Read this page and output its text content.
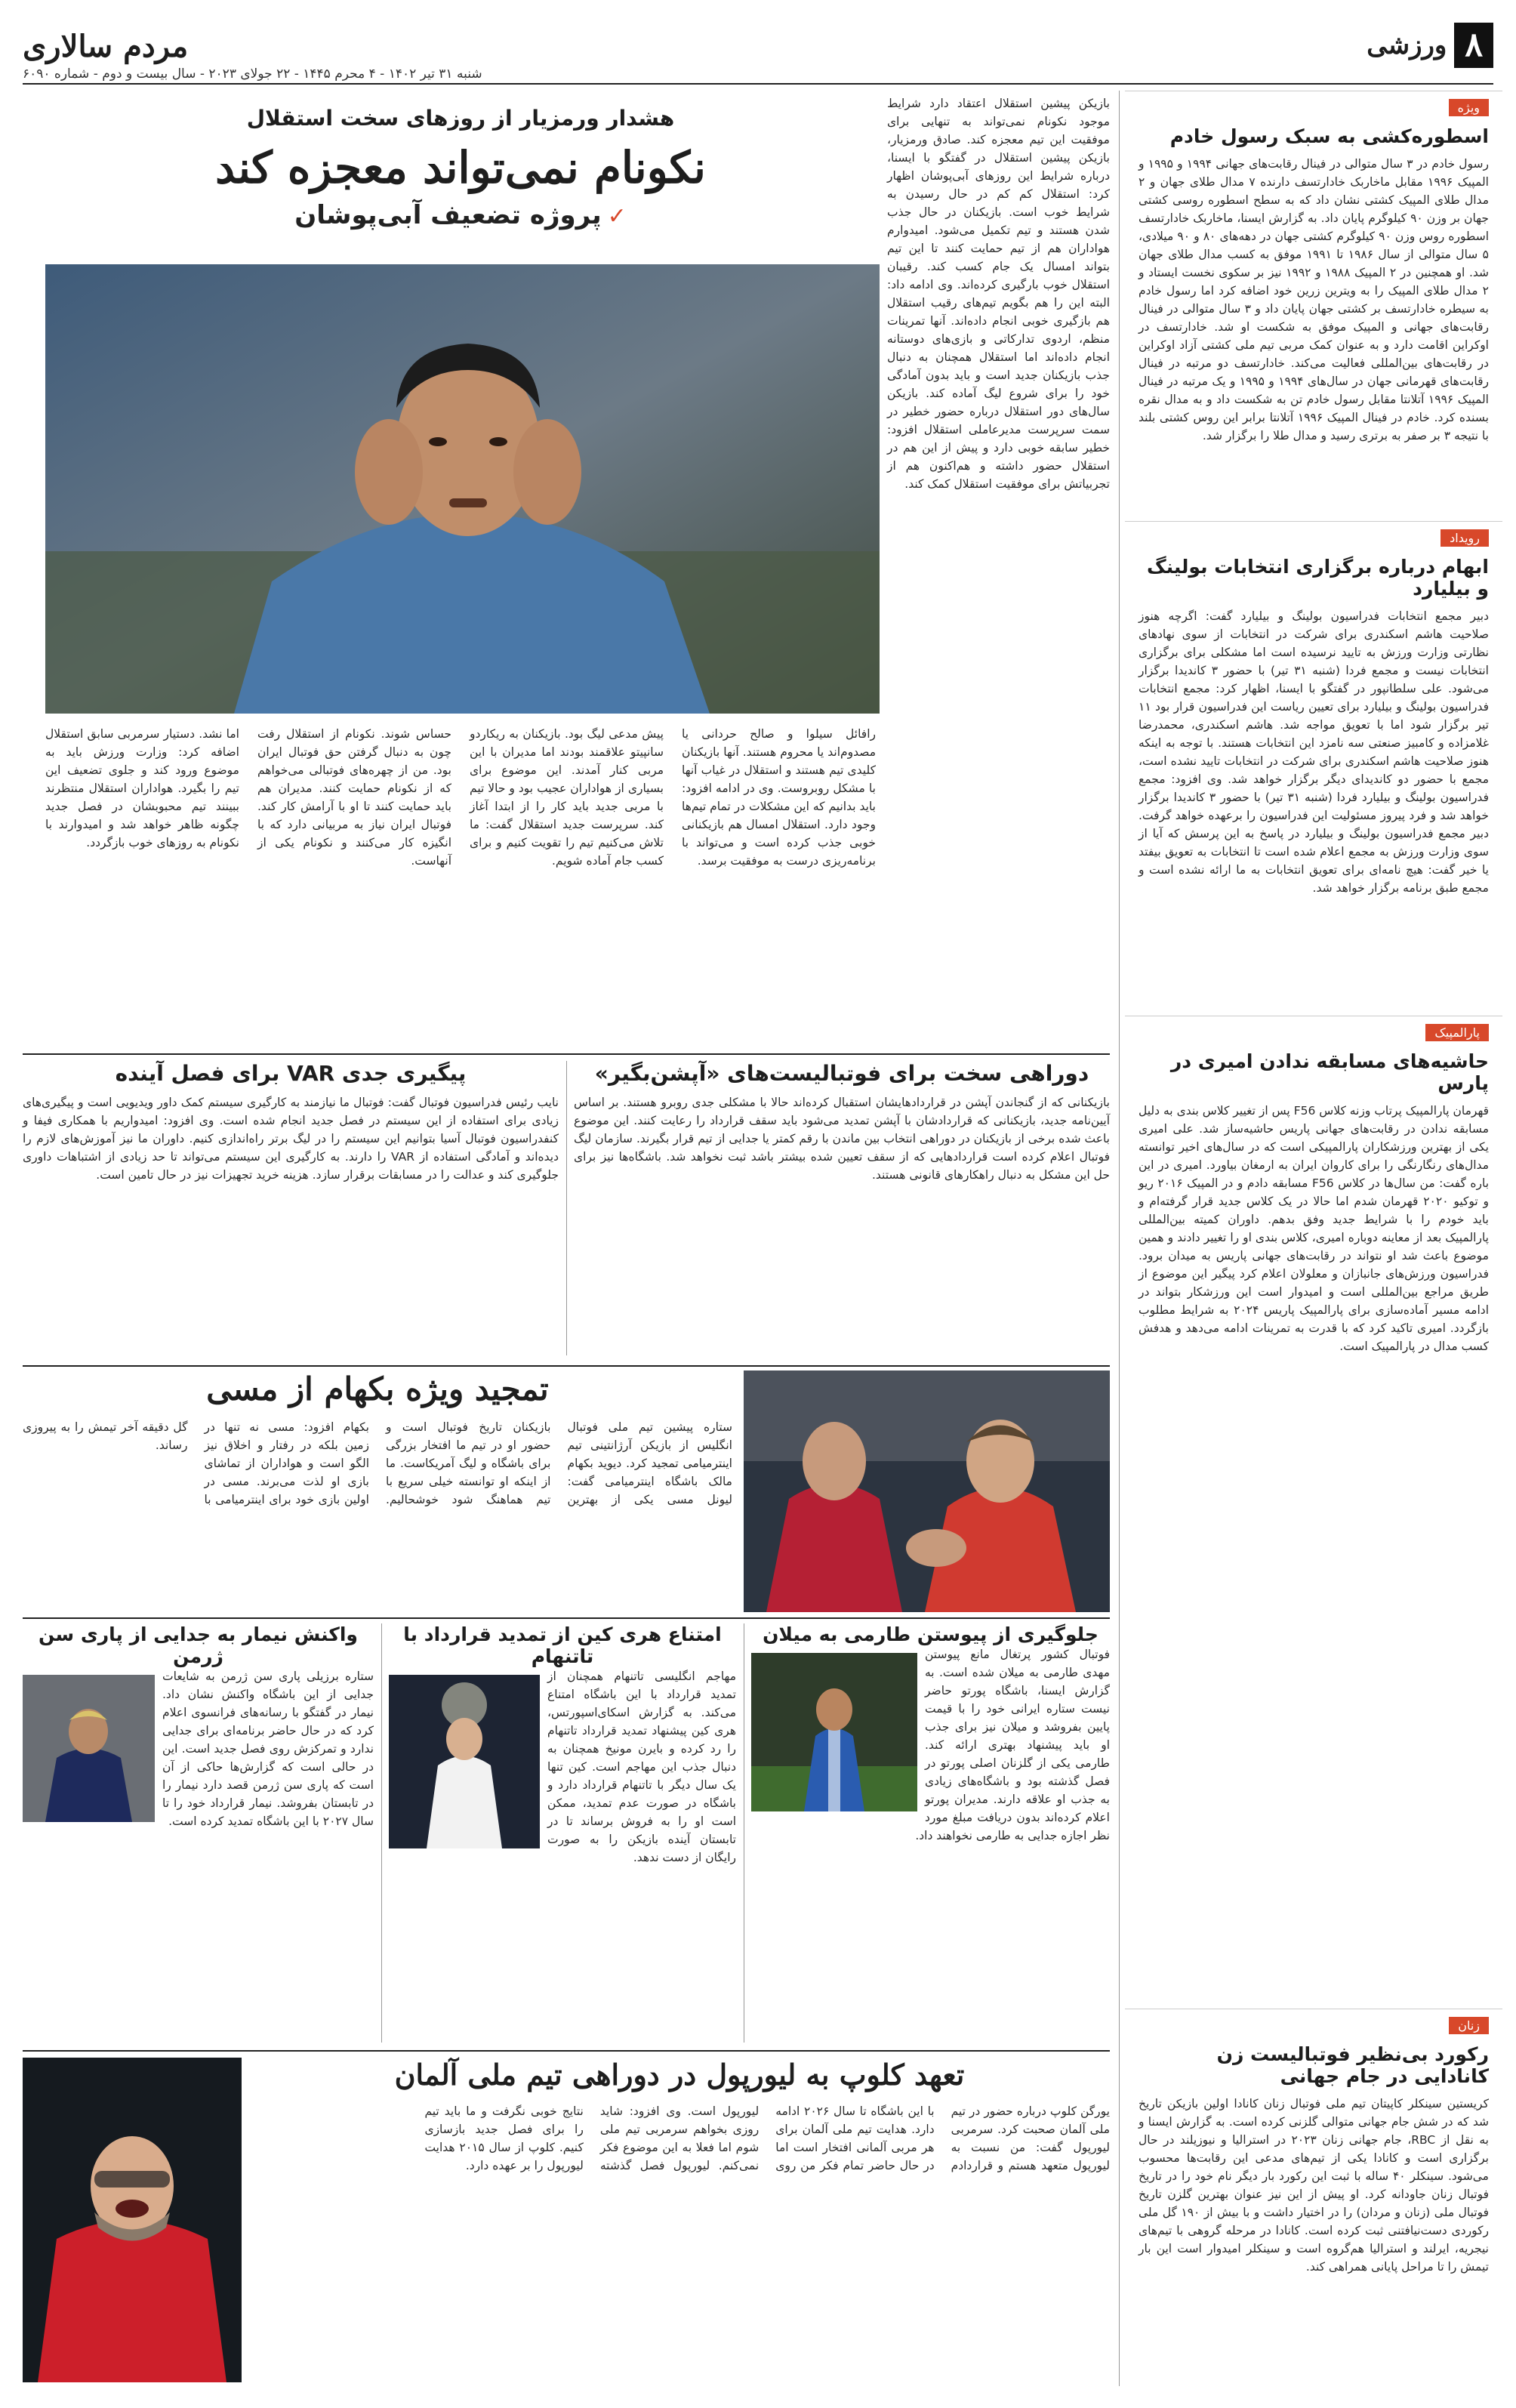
۸
ورزشی
مردم سالاری
شنبه ۳۱ تیر ۱۴۰۲ - ۴ محرم ۱۴۴۵ - ۲۲ جولای ۲۰۲۳ - سال بیست و دوم - شماره ۶۰۹۰
ویژه
اسطوره‌کشی به سبک رسول خادم

رسول خادم در ۳ سال متوالی در فینال رقابت‌های جهانی ۱۹۹۴ و ۱۹۹۵ و المپیک ۱۹۹۶ مقابل ماخاربک خادارتسف دارنده ۷ مدال طلای جهان و ۲ مدال طلای المپیک کشتی نشان داد که به سطح اسطوره روسی کشتی جهان بر وزن ۹۰ کیلوگرم پایان داد. به گزارش ایسنا، ماخاربک خادارتسف اسطوره روس وزن ۹۰ کیلوگرم کشتی جهان در دهه‌های ۸۰ و ۹۰ میلادی، ۵ سال متوالی از سال ۱۹۸۶ تا ۱۹۹۱ موفق به کسب مدال طلای جهان شد. او همچنین در ۲ المپیک ۱۹۸۸ و ۱۹۹۲ نیز بر سکوی نخست ایستاد و ۲ مدال طلای المپیک را به ویترین زرین خود اضافه کرد اما رسول خادم به سیطره خادارتسف بر کشتی جهان پایان داد و ۳ سال متوالی در فینال رقابت‌های جهانی و المپیک موفق به شکست او شد. خادارتسف در اوکراین اقامت دارد و به عنوان کمک مربی تیم ملی کشتی آزاد اوکراین در رقابت‌های بین‌المللی فعالیت می‌کند. خادارتسف دو مرتبه در فینال رقابت‌های قهرمانی جهان در سال‌های ۱۹۹۴ و ۱۹۹۵ و یک مرتبه در فینال المپیک ۱۹۹۶ آتلانتا مقابل رسول خادم تن به شکست داد و به مدال نقره بسنده کرد. خادم در فینال المپیک ۱۹۹۶ آتلانتا برابر این روس کشتی بلند با نتیجه ۳ بر صفر به برتری رسید و مدال طلا را برگزار شد.

رویداد
ابهام درباره برگزاری انتخابات بولینگ و بیلیارد

دبیر مجمع انتخابات فدراسیون بولینگ و بیلیارد گفت: اگرچه هنوز صلاحیت هاشم اسکندری برای شرکت در انتخابات از سوی نهادهای نظارتی وزارت ورزش به تایید نرسیده است اما مشکلی برای برگزاری انتخابات نیست و مجمع فردا (شنبه ۳۱ تیر) با حضور ۳ کاندیدا برگزار می‌شود. علی سلطانپور در گفتگو با ایسنا، اظهار کرد: مجمع انتخابات فدراسیون بولینگ و بیلیارد برای تعیین ریاست این فدراسیون قرار بود ۱۱ تیر برگزار شود اما با تعویق مواجه شد. هاشم اسکندری، محمدرضا غلامزاده و کامبیز صنعتی سه نامزد این انتخابات هستند. با توجه به اینکه هنوز صلاحیت هاشم اسکندری برای شرکت در انتخابات تایید نشده است، مجمع با حضور دو کاندیدای دیگر برگزار خواهد شد. وی افزود: مجمع فدراسیون بولینگ و بیلیارد فردا (شنبه ۳۱ تیر) با حضور ۳ کاندیدا برگزار خواهد شد و فرد پیروز مسئولیت این فدراسیون را برعهده خواهد گرفت. دبیر مجمع فدراسیون بولینگ و بیلیارد در پاسخ به این پرسش که آیا از سوی وزارت ورزش به مجمع اعلام شده است تا انتخابات به تعویق بیفتد یا خیر گفت: هیچ نامه‌ای برای تعویق انتخابات به ما ارائه نشده است و مجمع طبق برنامه برگزار خواهد شد.

پارالمپیک
حاشیه‌های مسابقه ندادن امیری در پارس

قهرمان پارالمپیک پرتاب وزنه کلاس F56 پس از تغییر کلاس بندی به دلیل مسابقه ندادن در رقابت‌های جهانی پاریس حاشیه‌ساز شد. علی امیری یکی از بهترین ورزشکاران پارالمپیکی است که در سال‌های اخیر توانسته مدال‌های رنگارنگی را برای کاروان ایران به ارمغان بیاورد. امیری در این باره گفت: من سال‌ها در کلاس F56 مسابقه دادم و در المپیک ۲۰۱۶ ریو و توکیو ۲۰۲۰ قهرمان شدم اما حالا در یک کلاس جدید قرار گرفته‌ام و باید خودم را با شرایط جدید وفق بدهم. داوران کمیته بین‌المللی پارالمپیک بعد از معاینه دوباره امیری، کلاس بندی او را تغییر دادند و همین موضوع باعث شد او نتواند در رقابت‌های جهانی پاریس به میدان برود. فدراسیون ورزش‌های جانبازان و معلولان اعلام کرد پیگیر این موضوع از طریق مراجع بین‌المللی است و امیدوار است این ورزشکار بتواند در ادامه مسیر آماده‌سازی برای پارالمپیک پاریس ۲۰۲۴ به شرایط مطلوب بازگردد. امیری تاکید کرد که با قدرت به تمرینات ادامه می‌دهد و هدفش کسب مدال در پارالمپیک است.

زنان
رکورد بی‌نظیر فوتبالیست زن کانادایی در جام جهانی

کریستین سینکلر کاپیتان تیم ملی فوتبال زنان کانادا اولین بازیکن تاریخ شد که در شش جام جهانی متوالی گلزنی کرده است. به گزارش ایسنا و به نقل از RBC، جام جهانی زنان ۲۰۲۳ در استرالیا و نیوزیلند در حال برگزاری است و کانادا یکی از تیم‌های مدعی این رقابت‌ها محسوب می‌شود. سینکلر ۴۰ ساله با ثبت این رکورد بار دیگر نام خود را در تاریخ فوتبال زنان جاودانه کرد. او پیش از این نیز عنوان بهترین گلزن تاریخ فوتبال ملی (زنان و مردان) را در اختیار داشت و با بیش از ۱۹۰ گل ملی رکوردی دست‌نیافتنی ثبت کرده است. کانادا در مرحله گروهی با تیم‌های نیجریه، ایرلند و استرالیا هم‌گروه است و سینکلر امیدوار است این بار تیمش را تا مراحل پایانی همراهی کند.

بازیکن پیشین استقلال اعتقاد دارد شرایط موجود نکونام نمی‌تواند به تنهایی برای موفقیت این تیم معجزه کند. صادق ورمزیار، بازیکن پیشین استقلال در گفتگو با ایسنا، درباره شرایط این روزهای آبی‌پوشان اظهار کرد: استقلال کم کم در حال رسیدن به شرایط خوب است. بازیکنان در حال جذب شدن هستند و تیم تکمیل می‌شود. امیدوارم هواداران هم از تیم حمایت کنند تا این تیم بتواند امسال یک جام کسب کند. رقیبان استقلال خوب بارگیری کرده‌اند. وی ادامه داد: البته این را هم بگویم تیم‌های رقیب استقلال هم بازگیری خوبی انجام داده‌اند. آنها تمرینات منظم، اردوی تدارکاتی و بازی‌های دوستانه انجام داده‌اند اما استقلال همچنان به دنبال جذب بازیکنان جدید است و باید بدون آمادگی خود را برای شروع لیگ آماده کند. بازیکن سال‌های دور استقلال درباره حضور خطیر در سمت سرپرست مدیرعاملی استقلال افزود: خطیر سابقه خوبی دارد و پیش از این هم در استقلال حضور داشته و هم‌اکنون هم از تجربیاتش برای موفقیت استقلال کمک کند.

هشدار ورمزیار از روزهای سخت استقلال

نکونام نمی‌تواند معجزه کند
✓پروژه تضعیف آبی‌پوشان

رافائل سیلوا و صالح حردانی یا مصدوم‌اند یا محروم هستند. آنها بازیکنان کلیدی تیم هستند و استقلال در غیاب آنها با مشکل روبروست. وی در ادامه افزود: باید بدانیم که این مشکلات در تمام تیم‌ها وجود دارد. استقلال امسال هم بازیکنانی خوبی جذب کرده است و می‌تواند با برنامه‌ریزی درست به موفقیت برسد.

پیش مدعی لیگ بود. بازیکنان به ریکاردو سانپیتو علاقمند بودند اما مدیران با این مربی کنار آمدند. این موضوع برای بسیاری از هواداران عجیب بود و حالا تیم با مربی جدید باید کار را از ابتدا آغاز کند. سرپرست جدید استقلال گفت: ما تلاش می‌کنیم تیم را تقویت کنیم و برای کسب جام آماده شویم.

حساس شوند. نکونام از استقلال رفت چون به دنبال گرفتن حق فوتبال ایران بود. من از چهره‌های فوتبالی می‌خواهم که از نکونام حمایت کنند. مدیران هم باید حمایت کنند تا او با آرامش کار کند. فوتبال ایران نیاز به مربیانی دارد که با انگیزه کار می‌کنند و نکونام یکی از آنهاست.

اما نشد. دستیار سرمربی سابق استقلال اضافه کرد: وزارت ورزش باید به موضوع ورود کند و جلوی تضعیف این تیم را بگیرد. هواداران استقلال منتظرند ببینند تیم محبوبشان در فصل جدید چگونه ظاهر خواهد شد و امیدوارند با نکونام به روزهای خوب بازگردد.

دوراهی سخت برای فوتبالیست‌های «آپشن‌بگیر»

بازیکنانی که از گنجاندن آپشن در قراردادهایشان استقبال کرده‌اند حالا با مشکلی جدی روبرو هستند. بر اساس آیین‌نامه جدید، بازیکنانی که قراردادشان با آپشن تمدید می‌شود باید سقف قرارداد را رعایت کنند. این موضوع باعث شده برخی از بازیکنان در دوراهی انتخاب بین ماندن با رقم کمتر یا جدایی از تیم قرار بگیرند. سازمان لیگ فوتبال اعلام کرده است قراردادهایی که از سقف تعیین شده بیشتر باشد ثبت نخواهد شد. باشگاه‌ها نیز برای حل این مشکل به دنبال راهکارهای قانونی هستند.

پیگیری جدی VAR برای فصل آینده

نایب رئیس فدراسیون فوتبال گفت: فوتبال ما نیازمند به کارگیری سیستم کمک داور ویدیویی است و پیگیری‌های زیادی برای استفاده از این سیستم در فصل جدید انجام شده است. وی افزود: امیدواریم با همکاری فیفا و کنفدراسیون فوتبال آسیا بتوانیم این سیستم را در لیگ برتر راه‌اندازی کنیم. داوران ما نیز آموزش‌های لازم را دیده‌اند و آمادگی استفاده از VAR را دارند. به کارگیری این سیستم می‌تواند تا حد زیادی از اشتباهات داوری جلوگیری کند و عدالت را در مسابقات برقرار سازد. هزینه خرید تجهیزات نیز در حال تامین است.

تمجید ویژه بکهام از مسی

ستاره پیشین تیم ملی فوتبال انگلیس از بازیکن آرژانتینی تیم اینترمیامی تمجید کرد. دیوید بکهام مالک باشگاه اینترمیامی گفت: لیونل مسی یکی از بهترین بازیکنان تاریخ فوتبال است و حضور او در تیم ما افتخار بزرگی برای باشگاه و لیگ آمریکاست. ما از اینکه او توانسته خیلی سریع با تیم هماهنگ شود خوشحالیم. بکهام افزود: مسی نه تنها در زمین بلکه در رفتار و اخلاق نیز الگو است و هواداران از تماشای بازی او لذت می‌برند. مسی در اولین بازی خود برای اینترمیامی با گل دقیقه آخر تیمش را به پیروزی رساند.

جلوگیری از پیوستن طارمی به میلان

فوتبال کشور پرتغال مانع پیوستن مهدی طارمی به میلان شده است. به گزارش ایسنا، باشگاه پورتو حاضر نیست ستاره ایرانی خود را با قیمت پایین بفروشد و میلان نیز برای جذب او باید پیشنهاد بهتری ارائه کند. طارمی یکی از گلزنان اصلی پورتو در فصل گذشته بود و باشگاه‌های زیادی به جذب او علاقه دارند. مدیران پورتو اعلام کرده‌اند بدون دریافت مبلغ مورد نظر اجازه جدایی به طارمی نخواهند داد.

امتناع هری کین از تمدید قرارداد با تاتنهام

مهاجم انگلیسی تاتنهام همچنان از تمدید قرارداد با این باشگاه امتناع می‌کند. به گزارش اسکای‌اسپورتس، هری کین پیشنهاد تمدید قرارداد تاتنهام را رد کرده و بایرن مونیخ همچنان به دنبال جذب این مهاجم است. کین تنها یک سال دیگر با تاتنهام قرارداد دارد و باشگاه در صورت عدم تمدید، ممکن است او را به فروش برساند تا در تابستان آینده بازیکن را به صورت رایگان از دست ندهد.

واکنش نیمار به جدایی از پاری سن ژرمن

ستاره برزیلی پاری سن ژرمن به شایعات جدایی از این باشگاه واکنش نشان داد. نیمار در گفتگو با رسانه‌های فرانسوی اعلام کرد که در حال حاضر برنامه‌ای برای جدایی ندارد و تمرکزش روی فصل جدید است. این در حالی است که گزارش‌ها حاکی از آن است که پاری سن ژرمن قصد دارد نیمار را در تابستان بفروشد. نیمار قرارداد خود را تا سال ۲۰۲۷ با این باشگاه تمدید کرده است.

تعهد کلوپ به لیورپول در دوراهی تیم ملی آلمان

یورگن کلوپ درباره حضور در تیم ملی آلمان صحبت کرد. سرمربی لیورپول گفت: من نسبت به لیورپول متعهد هستم و قراردادم با این باشگاه تا سال ۲۰۲۶ ادامه دارد. هدایت تیم ملی آلمان برای هر مربی آلمانی افتخار است اما در حال حاضر تمام فکر من روی لیورپول است. وی افزود: شاید روزی بخواهم سرمربی تیم ملی شوم اما فعلا به این موضوع فکر نمی‌کنم. لیورپول فصل گذشته نتایج خوبی نگرفت و ما باید تیم را برای فصل جدید بازسازی کنیم. کلوپ از سال ۲۰۱۵ هدایت لیورپول را بر عهده دارد.
